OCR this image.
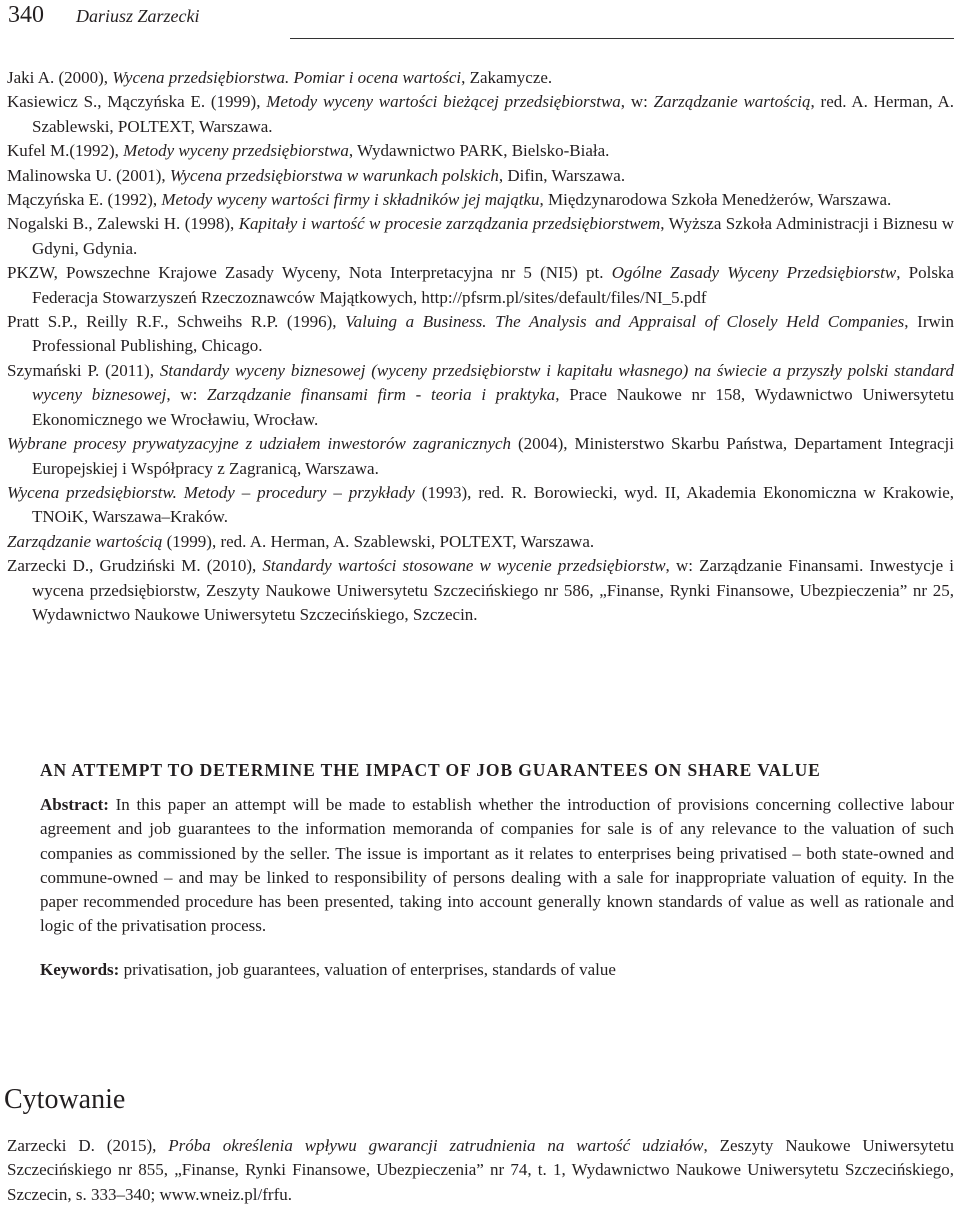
340 Dariusz Zarzecki

Jaki A. (2000), Wycena przedsiębiorstwa. Pomiar i ocena wartości, Zakamycze.

Kasiewicz S., Mączyńska E. (1999), Metody wyceny wartości bieżącej przedsiębiorstwa, w: Zarządzanie wartością, red. A. Herman, A. Szablewski, POLTEXT, Warszawa.

Kufel M.(1992), Metody wyceny przedsiębiorstwa, Wydawnictwo PARK, Bielsko-Biała.

Malinowska U. (2001), Wycena przedsiębiorstwa w warunkach polskich, Difin, Warszawa.

Mączyńska E. (1992), Metody wyceny wartości firmy i składników jej majątku, Międzynarodowa Szkoła Menedżerów, Warszawa.

Nogalski B., Zalewski H. (1998), Kapitały i wartość w procesie zarządzania przedsiębiorstwem, Wyższa Szkoła Administracji i Biznesu w Gdyni, Gdynia.

PKZW, Powszechne Krajowe Zasady Wyceny, Nota Interpretacyjna nr 5 (NI5) pt. Ogólne Zasady Wyceny Przedsiębiorstw, Polska Federacja Stowarzyszeń Rzeczoznawców Majątkowych, http://pfsrm.pl/sites/default/files/NI_5.pdf

Pratt S.P., Reilly R.F., Schweihs R.P. (1996), Valuing a Business. The Analysis and Appraisal of Closely Held Companies, Irwin Professional Publishing, Chicago.

Szymański P. (2011), Standardy wyceny biznesowej (wyceny przedsiębiorstw i kapitału własnego) na świecie a przyszły polski standard wyceny biznesowej, w: Zarządzanie finansami firm - teoria i praktyka, Prace Naukowe nr 158, Wydawnictwo Uniwersytetu Ekonomicznego we Wrocławiu, Wrocław.

Wybrane procesy prywatyzacyjne z udziałem inwestorów zagranicznych (2004), Ministerstwo Skarbu Państwa, Departament Integracji Europejskiej i Współpracy z Zagranicą, Warszawa.

Wycena przedsiębiorstw. Metody – procedury – przykłady (1993), red. R. Borowiecki, wyd. II, Akademia Ekonomiczna w Krakowie, TNOiK, Warszawa–Kraków.

Zarządzanie wartością (1999), red. A. Herman, A. Szablewski, POLTEXT, Warszawa.

Zarzecki D., Grudziński M. (2010), Standardy wartości stosowane w wycenie przedsiębiorstw, w: Zarządzanie Finansami. Inwestycje i wycena przedsiębiorstw, Zeszyty Naukowe Uniwersytetu Szczecińskiego nr 586, „Finanse, Rynki Finansowe, Ubezpieczenia” nr 25, Wydawnictwo Naukowe Uniwersytetu Szczecińskiego, Szczecin.

AN ATTEMPT TO DETERMINE THE IMPACT OF JOB GUARANTEES ON SHARE VALUE

Abstract: In this paper an attempt will be made to establish whether the introduction of provisions concerning collective labour agreement and job guarantees to the information memoranda of companies for sale is of any relevance to the valuation of such companies as commissioned by the seller. The issue is important as it relates to enterprises being privatised – both state-owned and commune-owned – and may be linked to responsibility of persons dealing with a sale for inappropriate valuation of equity. In the paper recommended procedure has been presented, taking into account generally known standards of value as well as rationale and logic of the privatisation process.

Keywords: privatisation, job guarantees, valuation of enterprises, standards of value

Cytowanie

Zarzecki D. (2015), Próba określenia wpływu gwarancji zatrudnienia na wartość udziałów, Zeszyty Naukowe Uniwersytetu Szczecińskiego nr 855, „Finanse, Rynki Finansowe, Ubezpieczenia” nr 74, t. 1, Wydawnictwo Naukowe Uniwersytetu Szczecińskiego, Szczecin, s. 333–340; www.wneiz.pl/frfu.
